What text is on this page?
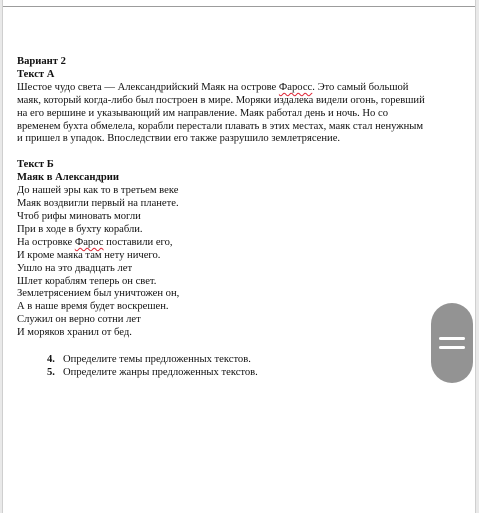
Вариант 2

Текст А

Шестое чудо света — Александрийский Маяк на острове Фаросс. Это самый большой

маяк, который когда-либо был построен в мире. Моряки издалека видели огонь, горевший

на его вершине и указывающий им направление. Маяк работал день и ночь. Но со

временем бухта обмелела, корабли перестали плавать в этих местах, маяк стал ненужным

и пришел в упадок. Впоследствии его также разрушило землетрясение.

Текст Б

Маяк в Александрии

До нашей эры как то в третьем веке

Маяк воздвигли первый на планете.

Чтоб рифы миновать могли

При в ходе в бухту корабли.

На островке Фарос поставили его,

И кроме маяка там нету ничего.

Ушло на это двадцать лет

Шлет кораблям теперь он свет.

Землетрясением был уничтожен он,

А в наше время будет воскрешен.

Служил он верно сотни лет

И моряков хранил от бед.

4. Определите темы предложенных текстов.
5. Определите жанры предложенных текстов.
